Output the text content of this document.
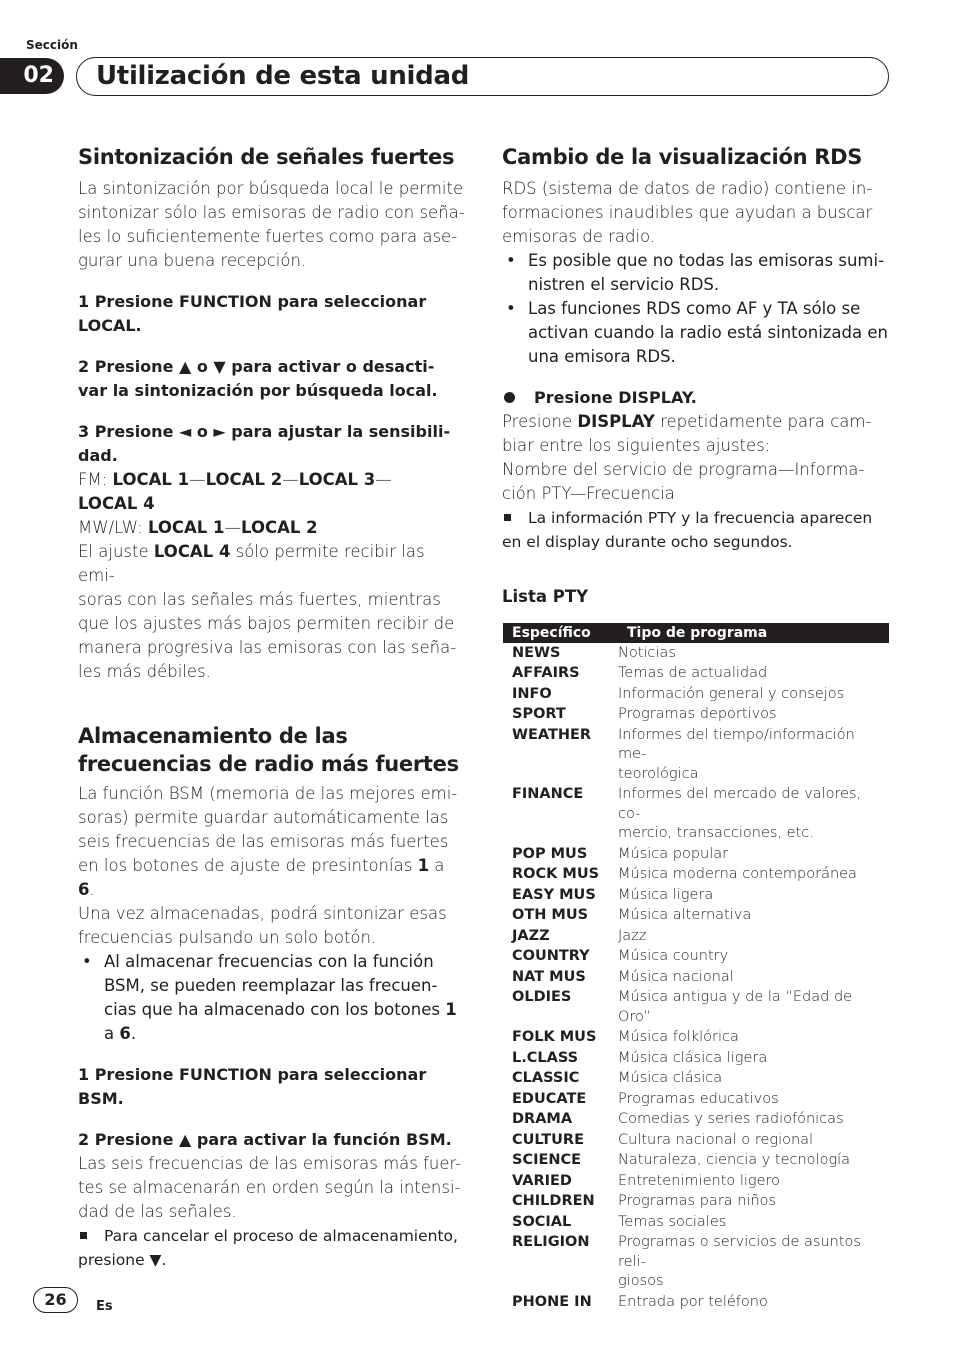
Sección
02	Utilización de esta unidad
Sintonización de señales fuertes
La sintonización por búsqueda local le permite
sintonizar sólo las emisoras de radio con seña-
les lo suficientemente fuertes como para ase-
gurar una buena recepción.
1 Presione FUNCTION para seleccionar
LOCAL.
2 Presione ▲ o ▼ para activar o desacti-
var la sintonización por búsqueda local.
3 Presione ◄ o ► para ajustar la sensibili-
dad.
FM: LOCAL 1—LOCAL 2—LOCAL 3—
LOCAL 4
MW/LW: LOCAL 1—LOCAL 2
El ajuste LOCAL 4 sólo permite recibir las emi-
soras con las señales más fuertes, mientras
que los ajustes más bajos permiten recibir de
manera progresiva las emisoras con las seña-
les más débiles.
Almacenamiento de las
frecuencias de radio más fuertes
La función BSM (memoria de las mejores emi-
soras) permite guardar automáticamente las
seis frecuencias de las emisoras más fuertes
en los botones de ajuste de presintonías 1 a 6.
Una vez almacenadas, podrá sintonizar esas
frecuencias pulsando un solo botón.
• Al almacenar frecuencias con la función
BSM, se pueden reemplazar las frecuen-
cias que ha almacenado con los botones 1
a 6.
1 Presione FUNCTION para seleccionar
BSM.
2 Presione ▲ para activar la función BSM.
Las seis frecuencias de las emisoras más fuer-
tes se almacenarán en orden según la intensi-
dad de las señales.
Para cancelar el proceso de almacenamiento,
presione ▼.
Cambio de la visualización RDS
RDS (sistema de datos de radio) contiene in-
formaciones inaudibles que ayudan a buscar
emisoras de radio.
• Es posible que no todas las emisoras sumi-
nistren el servicio RDS.
• Las funciones RDS como AF y TA sólo se
activan cuando la radio está sintonizada en
una emisora RDS.
Presione DISPLAY.
Presione DISPLAY repetidamente para cam-
biar entre los siguientes ajustes:
Nombre del servicio de programa—Informa-
ción PTY—Frecuencia
La información PTY y la frecuencia aparecen
en el display durante ocho segundos.
Lista PTY
Específico	Tipo de programa
NEWS	Noticias
AFFAIRS	Temas de actualidad
INFO	Información general y consejos
SPORT	Programas deportivos
WEATHER	Informes del tiempo/información me-
teorológica
FINANCE	Informes del mercado de valores, co-
mercio, transacciones, etc.
POP MUS	Música popular
ROCK MUS	Música moderna contemporánea
EASY MUS	Música ligera
OTH MUS	Música alternativa
JAZZ	Jazz
COUNTRY	Música country
NAT MUS	Música nacional
OLDIES	Música antigua y de la “Edad de Oro”
FOLK MUS	Música folklórica
L.CLASS	Música clásica ligera
CLASSIC	Música clásica
EDUCATE	Programas educativos
DRAMA	Comedias y series radiofónicas
CULTURE	Cultura nacional o regional
SCIENCE	Naturaleza, ciencia y tecnología
VARIED	Entretenimiento ligero
CHILDREN	Programas para niños
SOCIAL	Temas sociales
RELIGION	Programas o servicios de asuntos reli-
giosos
PHONE IN	Entrada por teléfono
26	Es
